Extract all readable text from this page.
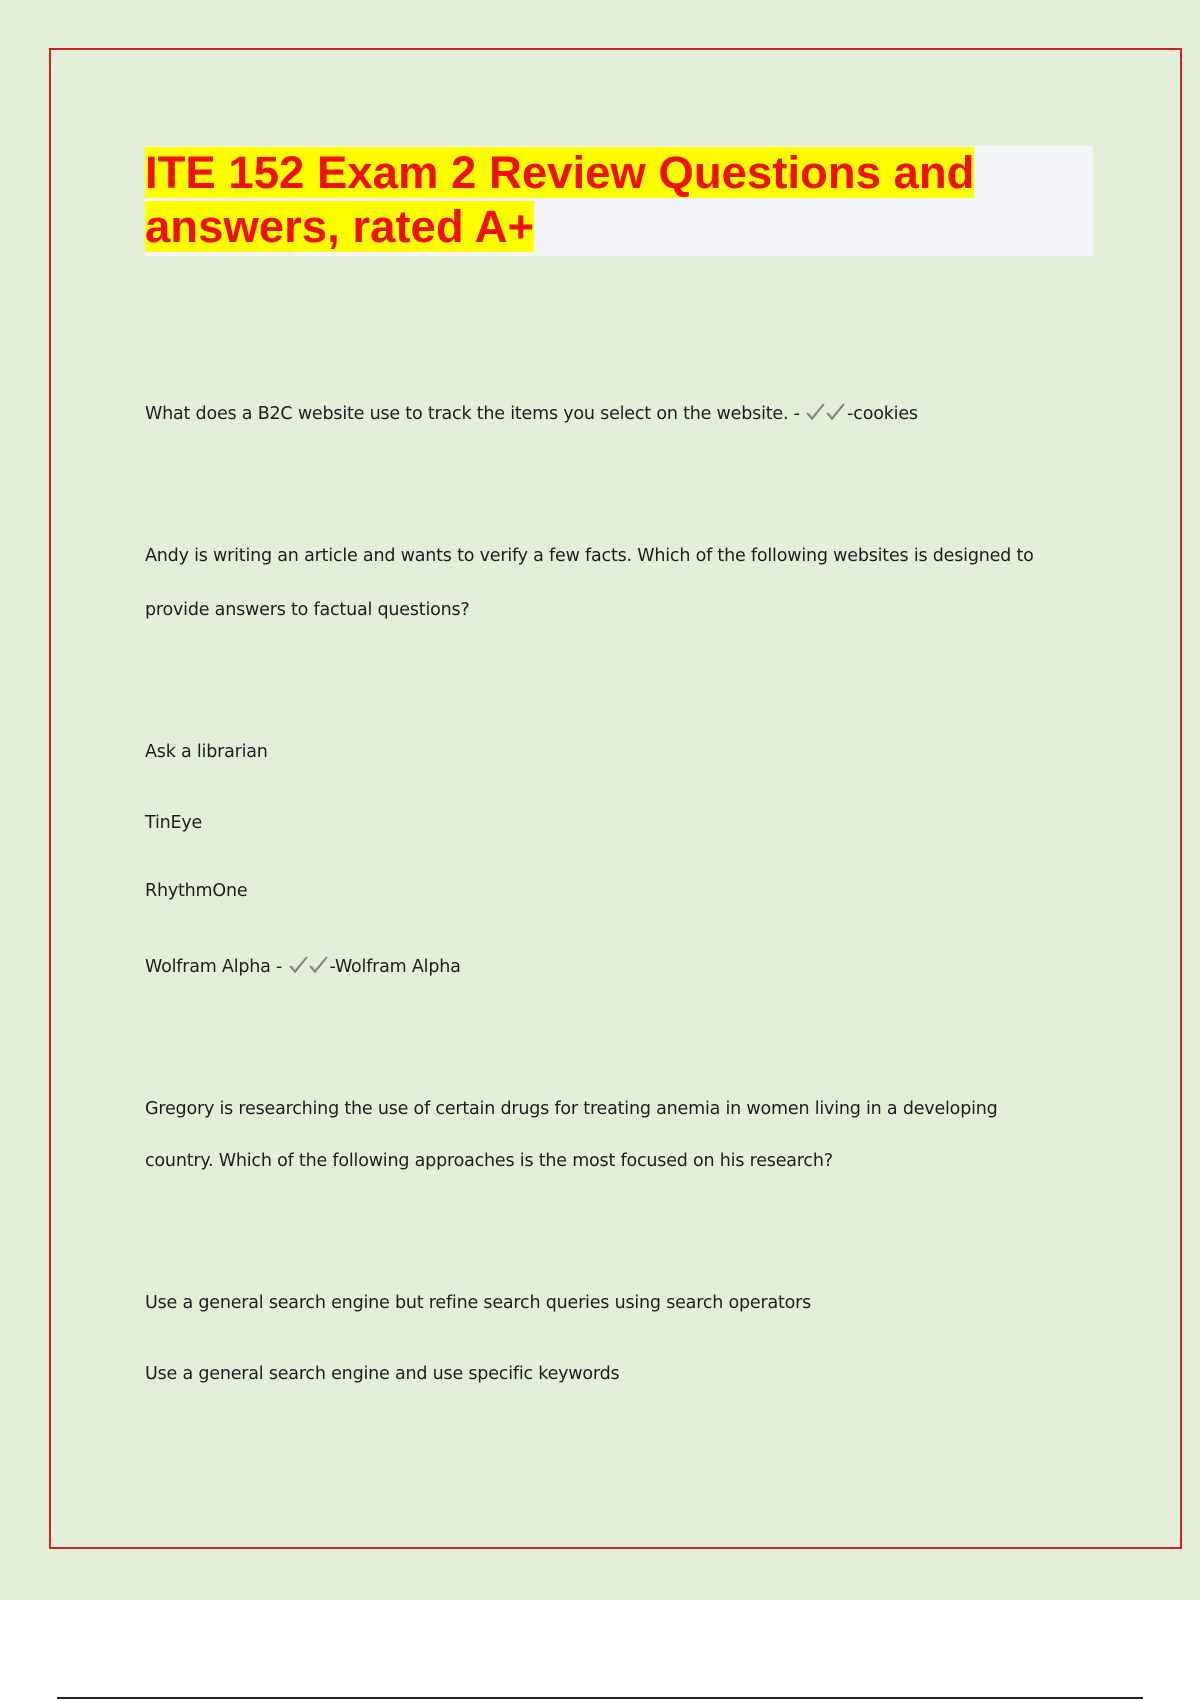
ITE 152 Exam 2 Review Questions and
answers, rated A+

What does a B2C website use to track the items you select on the website. - -cookies

Andy is writing an article and wants to verify a few facts. Which of the following websites is designed to

provide answers to factual questions?

Ask a librarian

TinEye

RhythmOne

Wolfram Alpha - -Wolfram Alpha

Gregory is researching the use of certain drugs for treating anemia in women living in a developing

country. Which of the following approaches is the most focused on his research?

Use a general search engine but refine search queries using search operators

Use a general search engine and use specific keywords
